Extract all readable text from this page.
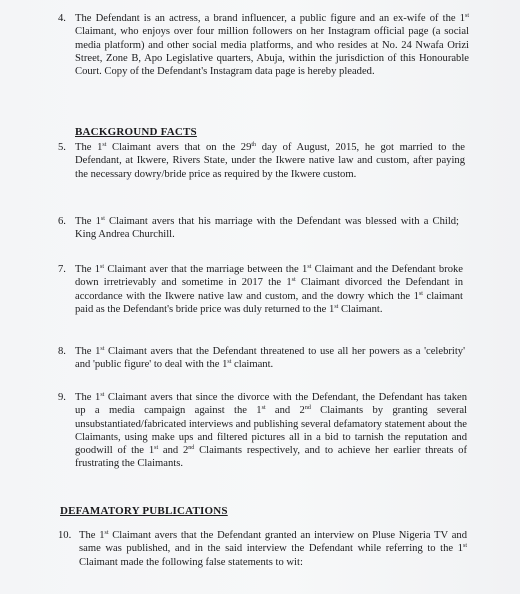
4. The Defendant is an actress, a brand influencer, a public figure and an ex-wife of the 1st Claimant, who enjoys over four million followers on her Instagram official page (a social media platform) and other social media platforms, and who resides at No. 24 Nwafa Orizi Street, Zone B, Apo Legislative quarters, Abuja, within the jurisdiction of this Honourable Court. Copy of the Defendant's Instagram data page is hereby pleaded.
BACKGROUND FACTS
5. The 1st Claimant avers that on the 29th day of August, 2015, he got married to the Defendant, at Ikwere, Rivers State, under the Ikwere native law and custom, after paying the necessary dowry/bride price as required by the Ikwere custom.
6. The 1st Claimant avers that his marriage with the Defendant was blessed with a Child; King Andrea Churchill.
7. The 1st Claimant aver that the marriage between the 1st Claimant and the Defendant broke down irretrievably and sometime in 2017 the 1st Claimant divorced the Defendant in accordance with the Ikwere native law and custom, and the dowry which the 1st claimant paid as the Defendant's bride price was duly returned to the 1st Claimant.
8. The 1st Claimant avers that the Defendant threatened to use all her powers as a 'celebrity' and 'public figure' to deal with the 1st claimant.
9. The 1st Claimant avers that since the divorce with the Defendant, the Defendant has taken up a media campaign against the 1st and 2nd Claimants by granting several unsubstantiated/fabricated interviews and publishing several defamatory statement about the Claimants, using make ups and filtered pictures all in a bid to tarnish the reputation and goodwill of the 1st and 2nd Claimants respectively, and to achieve her earlier threats of frustrating the Claimants.
DEFAMATORY PUBLICATIONS
10. The 1st Claimant avers that the Defendant granted an interview on Pluse Nigeria TV and same was published, and in the said interview the Defendant while referring to the 1st Claimant made the following false statements to wit:
